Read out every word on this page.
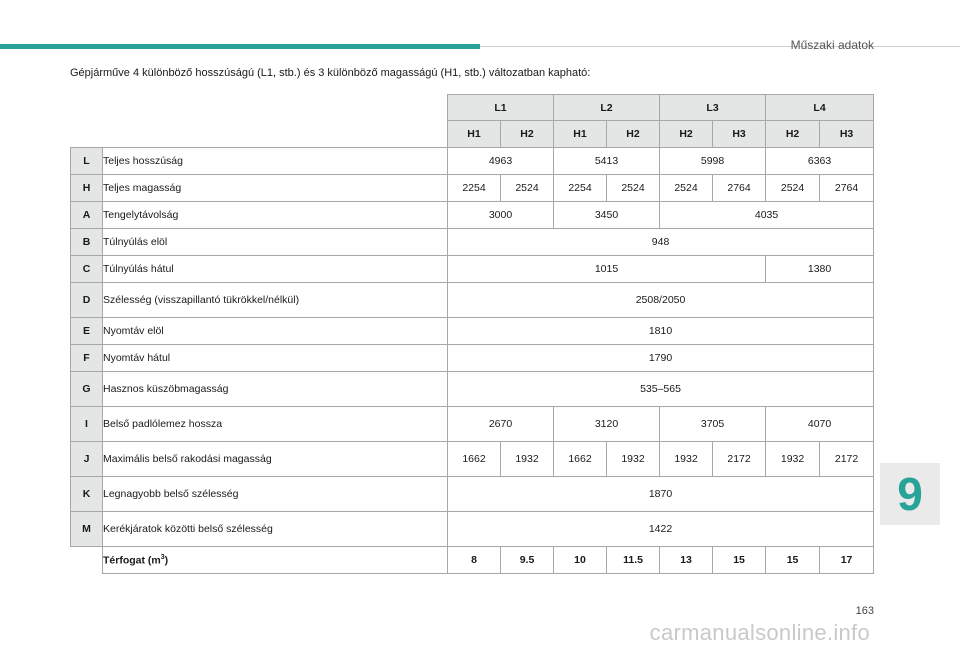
Műszaki adatok
Gépjárműve 4 különböző hosszúságú (L1, stb.) és 3 különböző magasságú (H1, stb.) változatban kapható:
		L1		L2		L3		L4	
		H1	H2	H1	H2	H2	H3	H2	H3
L	Teljes hosszúság	4963		5413		5998		6363	
H	Teljes magasság	2254	2524	2254	2524	2524	2764	2524	2764
A	Tengelytávolság	3000		3450		4035			
B	Túlnyúlás elöl	948							
C	Túlnyúlás hátul	1015						1380	
D	Szélesség (visszapillantó tükrökkel/nélkül)	2508/2050							
E	Nyomtáv elöl	1810							
F	Nyomtáv hátul	1790							
G	Hasznos küszöbmagasság	535–565							
I	Belső padlólemez hossza	2670		3120		3705		4070	
J	Maximális belső rakodási magasság	1662	1932	1662	1932	1932	2172	1932	2172
K	Legnagyobb belső szélesség	1870							
M	Kerékjáratok közötti belső szélesség	1422							
	Térfogat $(m^3)$	8	9.5	10	11.5	13	15	15	17
9
163
carmanualsonline.info
